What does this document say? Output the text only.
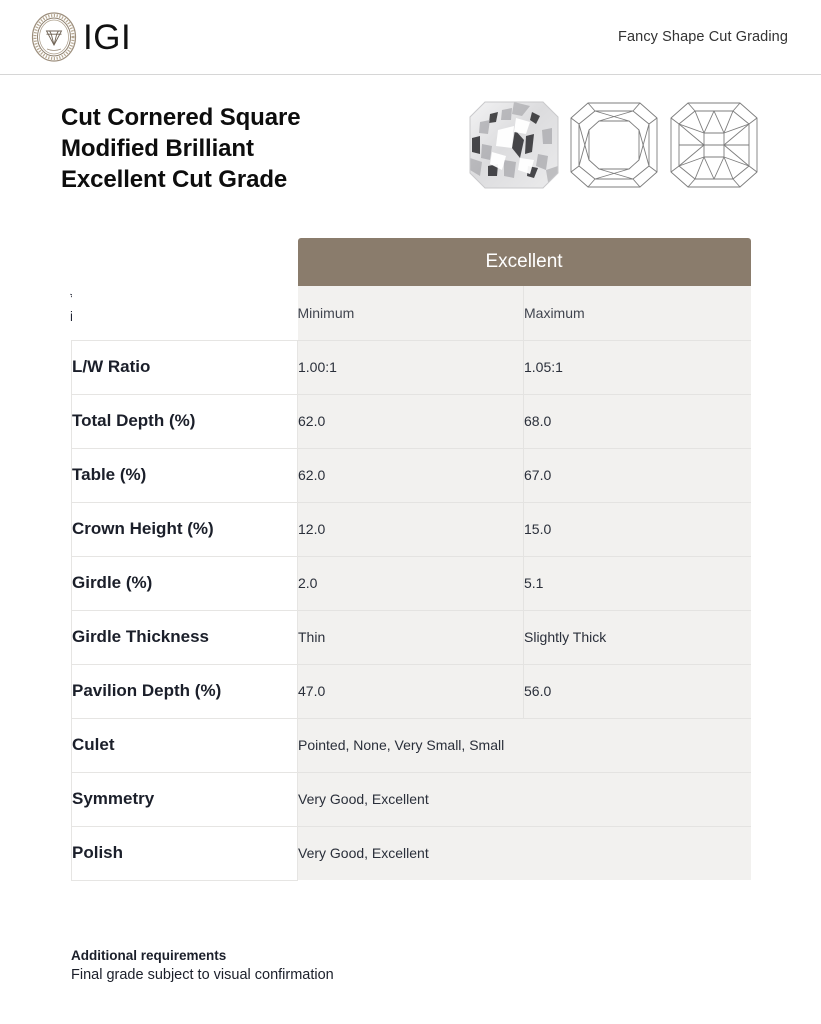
IGI	Fancy Shape Cut Grading
Cut Cornered Square
Modified Brilliant
Excellent Cut Grade
	Excellent	
	Minimum	Maximum
L/W Ratio	1.00:1	1.05:1
Total Depth (%)	62.0	68.0
Table (%)	62.0	67.0
Crown Height (%)	12.0	15.0
Girdle (%)	2.0	5.1
Girdle Thickness	Thin	Slightly Thick
Pavilion Depth (%)	47.0	56.0
Culet	Pointed, None, Very Small, Small	
Symmetry	Very Good, Excellent	
Polish	Very Good, Excellent	
Additional requirements
Final grade subject to visual confirmation
